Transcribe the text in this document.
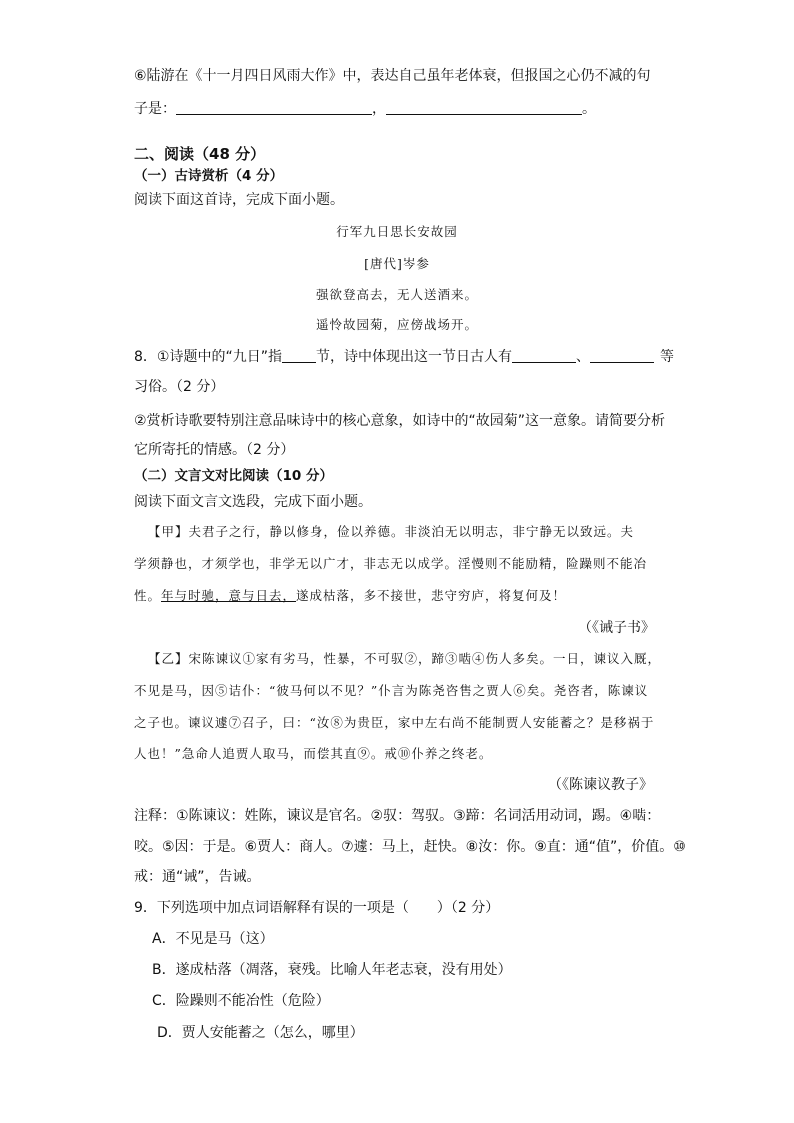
⑥陆游在《十一月四日风雨大作》中，表达自己虽年老体衰，但报国之心仍不减的句
子是：	，	。
二、阅读（48 分）
（一）古诗赏析（4 分）
阅读下面这首诗，完成下面小题。
行军九日思长安故园
[唐代]岑参
强欲登高去，无人送酒来。
遥怜故园菊，应傍战场开。
8．①诗题中的“九日”指 节，诗中体现出这一节日古人有	、	等
习俗。（2 分）
②赏析诗歌要特别注意品味诗中的核心意象，如诗中的“故园菊”这一意象。请简要分析
它所寄托的情感。（2 分）
（二）文言文对比阅读（10 分）
阅读下面文言文选段，完成下面小题。
【甲】夫君子之行，静以修身，俭以养德。非淡泊无以明志，非宁静无以致远。夫
学须静也，才须学也，非学无以广才，非志无以成学。淫慢则不能励精，险躁则不能冶
性。年与时驰，意与日去，遂成枯落，多不接世，悲守穷庐，将复何及！
（《诫子书》
【乙】宋陈谏议①家有劣马，性暴，不可驭②，蹄③啮④伤人多矣。一日，谏议入厩，
不见是马，因⑤诘仆：“彼马何以不见？”仆言为陈尧咨售之贾人⑥矣。尧咨者，陈谏议
之子也。谏议遽⑦召子，曰：“汝⑧为贵臣，家中左右尚不能制贾人安能蓄之？是移祸于
人也！”急命人追贾人取马，而偿其直⑨。戒⑩仆养之终老。
（《陈谏议教子》
注释：①陈谏议：姓陈，谏议是官名。②驭：驾驭。③蹄：名词活用动词，踢。④啮：
咬。⑤因：于是。⑥贾人：商人。⑦遽：马上，赶快。⑧汝：你。⑨直：通“值”，价值。⑩
戒：通“诫”，告诫。
9．下列选项中加点词语解释有误的一项是（　　）（2 分）
A．不见是马（这）
B．遂成枯落（凋落，衰残。比喻人年老志衰，没有用处）
C．险躁则不能冶性（危险）
D．贾人安能蓄之（怎么，哪里）
